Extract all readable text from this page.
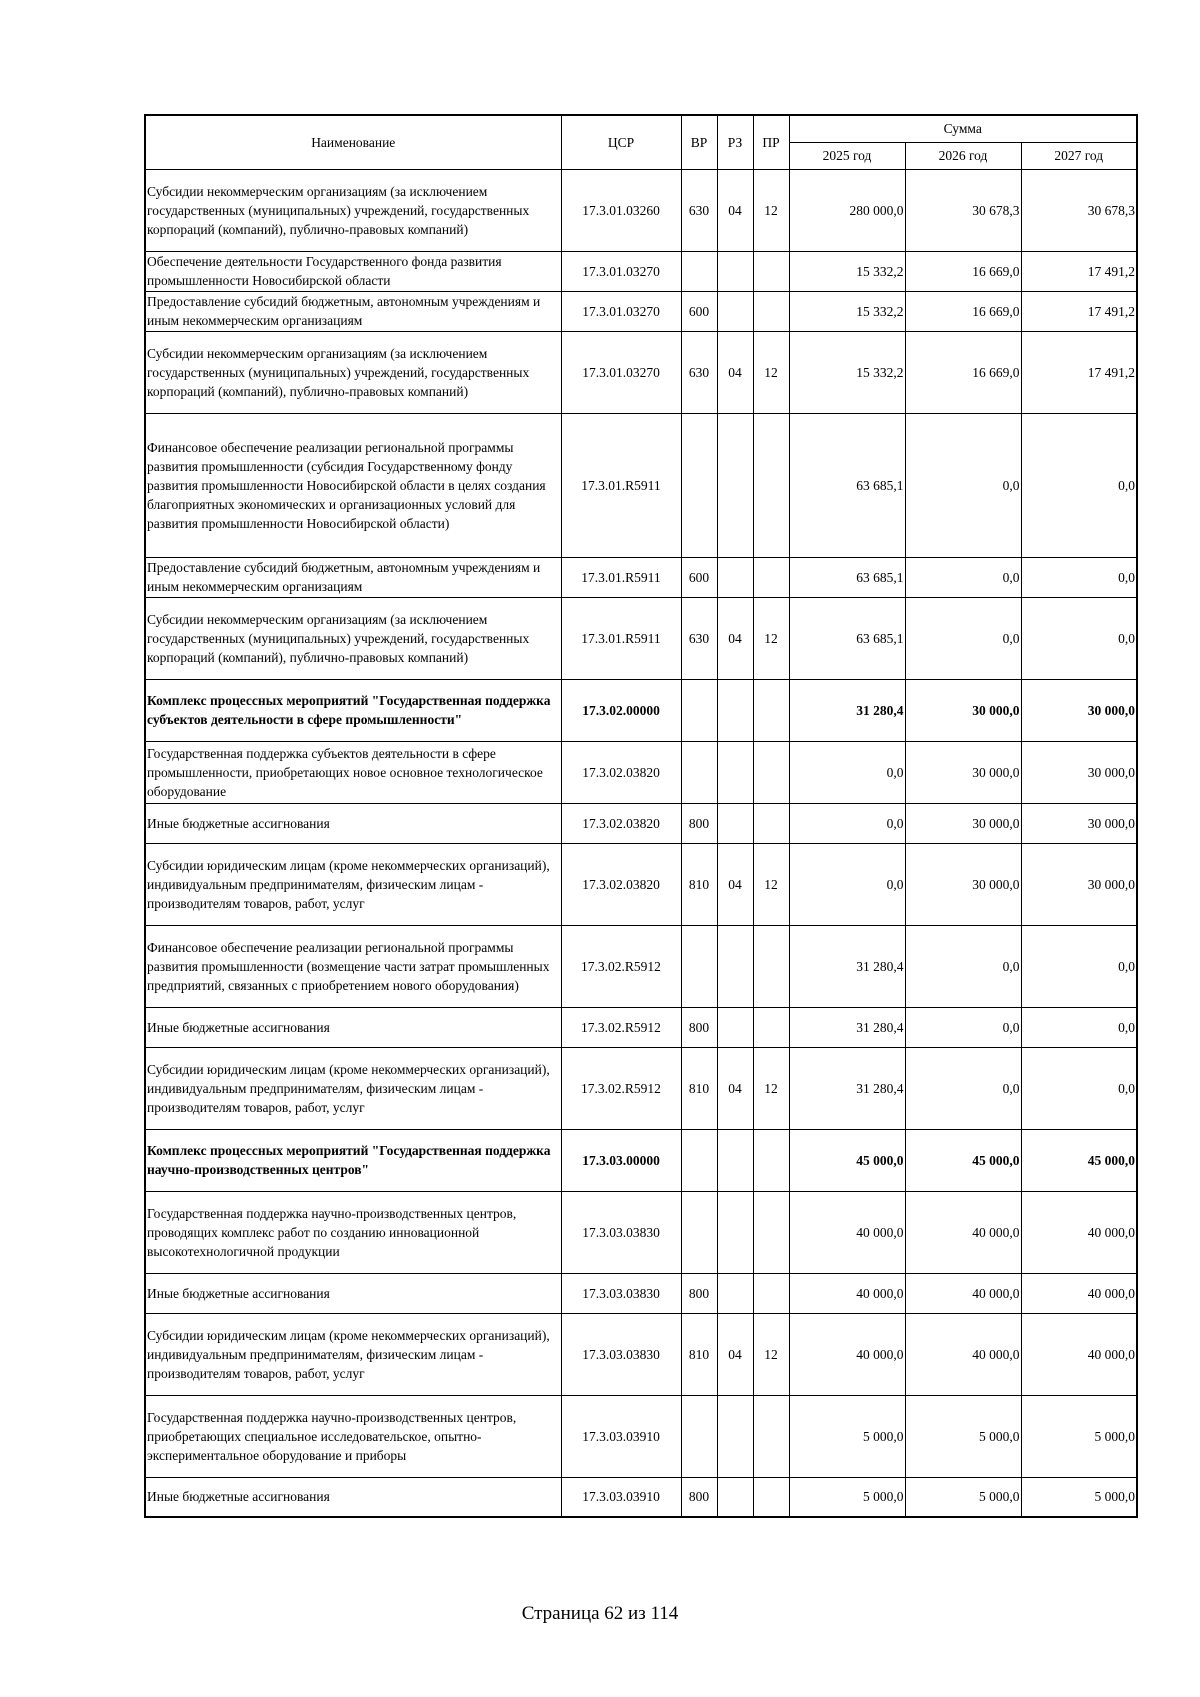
Наименование	ЦСР	ВР	РЗ	ПР	Сумма		
					2025 год	2026 год	2027 год
Субсидии некоммерческим организациям (за исключением государственных (муниципальных) учреждений, государственных корпораций (компаний), публично-правовых компаний)	17.3.01.03260	630	04	12	280 000,0	30 678,3	30 678,3
Обеспечение деятельности Государственного фонда развития промышленности Новосибирской области	17.3.01.03270				15 332,2	16 669,0	17 491,2
Предоставление субсидий бюджетным, автономным учреждениям и иным некоммерческим организациям	17.3.01.03270	600			15 332,2	16 669,0	17 491,2
Субсидии некоммерческим организациям (за исключением государственных (муниципальных) учреждений, государственных корпораций (компаний), публично-правовых компаний)	17.3.01.03270	630	04	12	15 332,2	16 669,0	17 491,2
Финансовое обеспечение реализации региональной программы развития промышленности (субсидия Государственному фонду развития промышленности Новосибирской области в целях создания благоприятных экономических и организационных условий для развития промышленности Новосибирской области)	17.3.01.R5911				63 685,1	0,0	0,0
Предоставление субсидий бюджетным, автономным учреждениям и иным некоммерческим организациям	17.3.01.R5911	600			63 685,1	0,0	0,0
Субсидии некоммерческим организациям (за исключением государственных (муниципальных) учреждений, государственных корпораций (компаний), публично-правовых компаний)	17.3.01.R5911	630	04	12	63 685,1	0,0	0,0
Комплекс процессных мероприятий "Государственная поддержка субъектов деятельности в сфере промышленности"	17.3.02.00000				31 280,4	30 000,0	30 000,0
Государственная поддержка субъектов деятельности в сфере промышленности, приобретающих новое основное технологическое оборудование	17.3.02.03820				0,0	30 000,0	30 000,0
Иные бюджетные ассигнования	17.3.02.03820	800			0,0	30 000,0	30 000,0
Субсидии юридическим лицам (кроме некоммерческих организаций), индивидуальным предпринимателям, физическим лицам - производителям товаров, работ, услуг	17.3.02.03820	810	04	12	0,0	30 000,0	30 000,0
Финансовое обеспечение реализации региональной программы развития промышленности (возмещение части затрат промышленных предприятий, связанных с приобретением нового оборудования)	17.3.02.R5912				31 280,4	0,0	0,0
Иные бюджетные ассигнования	17.3.02.R5912	800			31 280,4	0,0	0,0
Субсидии юридическим лицам (кроме некоммерческих организаций), индивидуальным предпринимателям, физическим лицам - производителям товаров, работ, услуг	17.3.02.R5912	810	04	12	31 280,4	0,0	0,0
Комплекс процессных мероприятий "Государственная поддержка научно-производственных центров"	17.3.03.00000				45 000,0	45 000,0	45 000,0
Государственная поддержка научно-производственных центров, проводящих комплекс работ по созданию инновационной высокотехнологичной продукции	17.3.03.03830				40 000,0	40 000,0	40 000,0
Иные бюджетные ассигнования	17.3.03.03830	800			40 000,0	40 000,0	40 000,0
Субсидии юридическим лицам (кроме некоммерческих организаций), индивидуальным предпринимателям, физическим лицам - производителям товаров, работ, услуг	17.3.03.03830	810	04	12	40 000,0	40 000,0	40 000,0
Государственная поддержка научно-производственных центров, приобретающих специальное исследовательское, опытно-экспериментальное оборудование и приборы	17.3.03.03910				5 000,0	5 000,0	5 000,0
Иные бюджетные ассигнования	17.3.03.03910	800			5 000,0	5 000,0	5 000,0
Страница 62 из 114
